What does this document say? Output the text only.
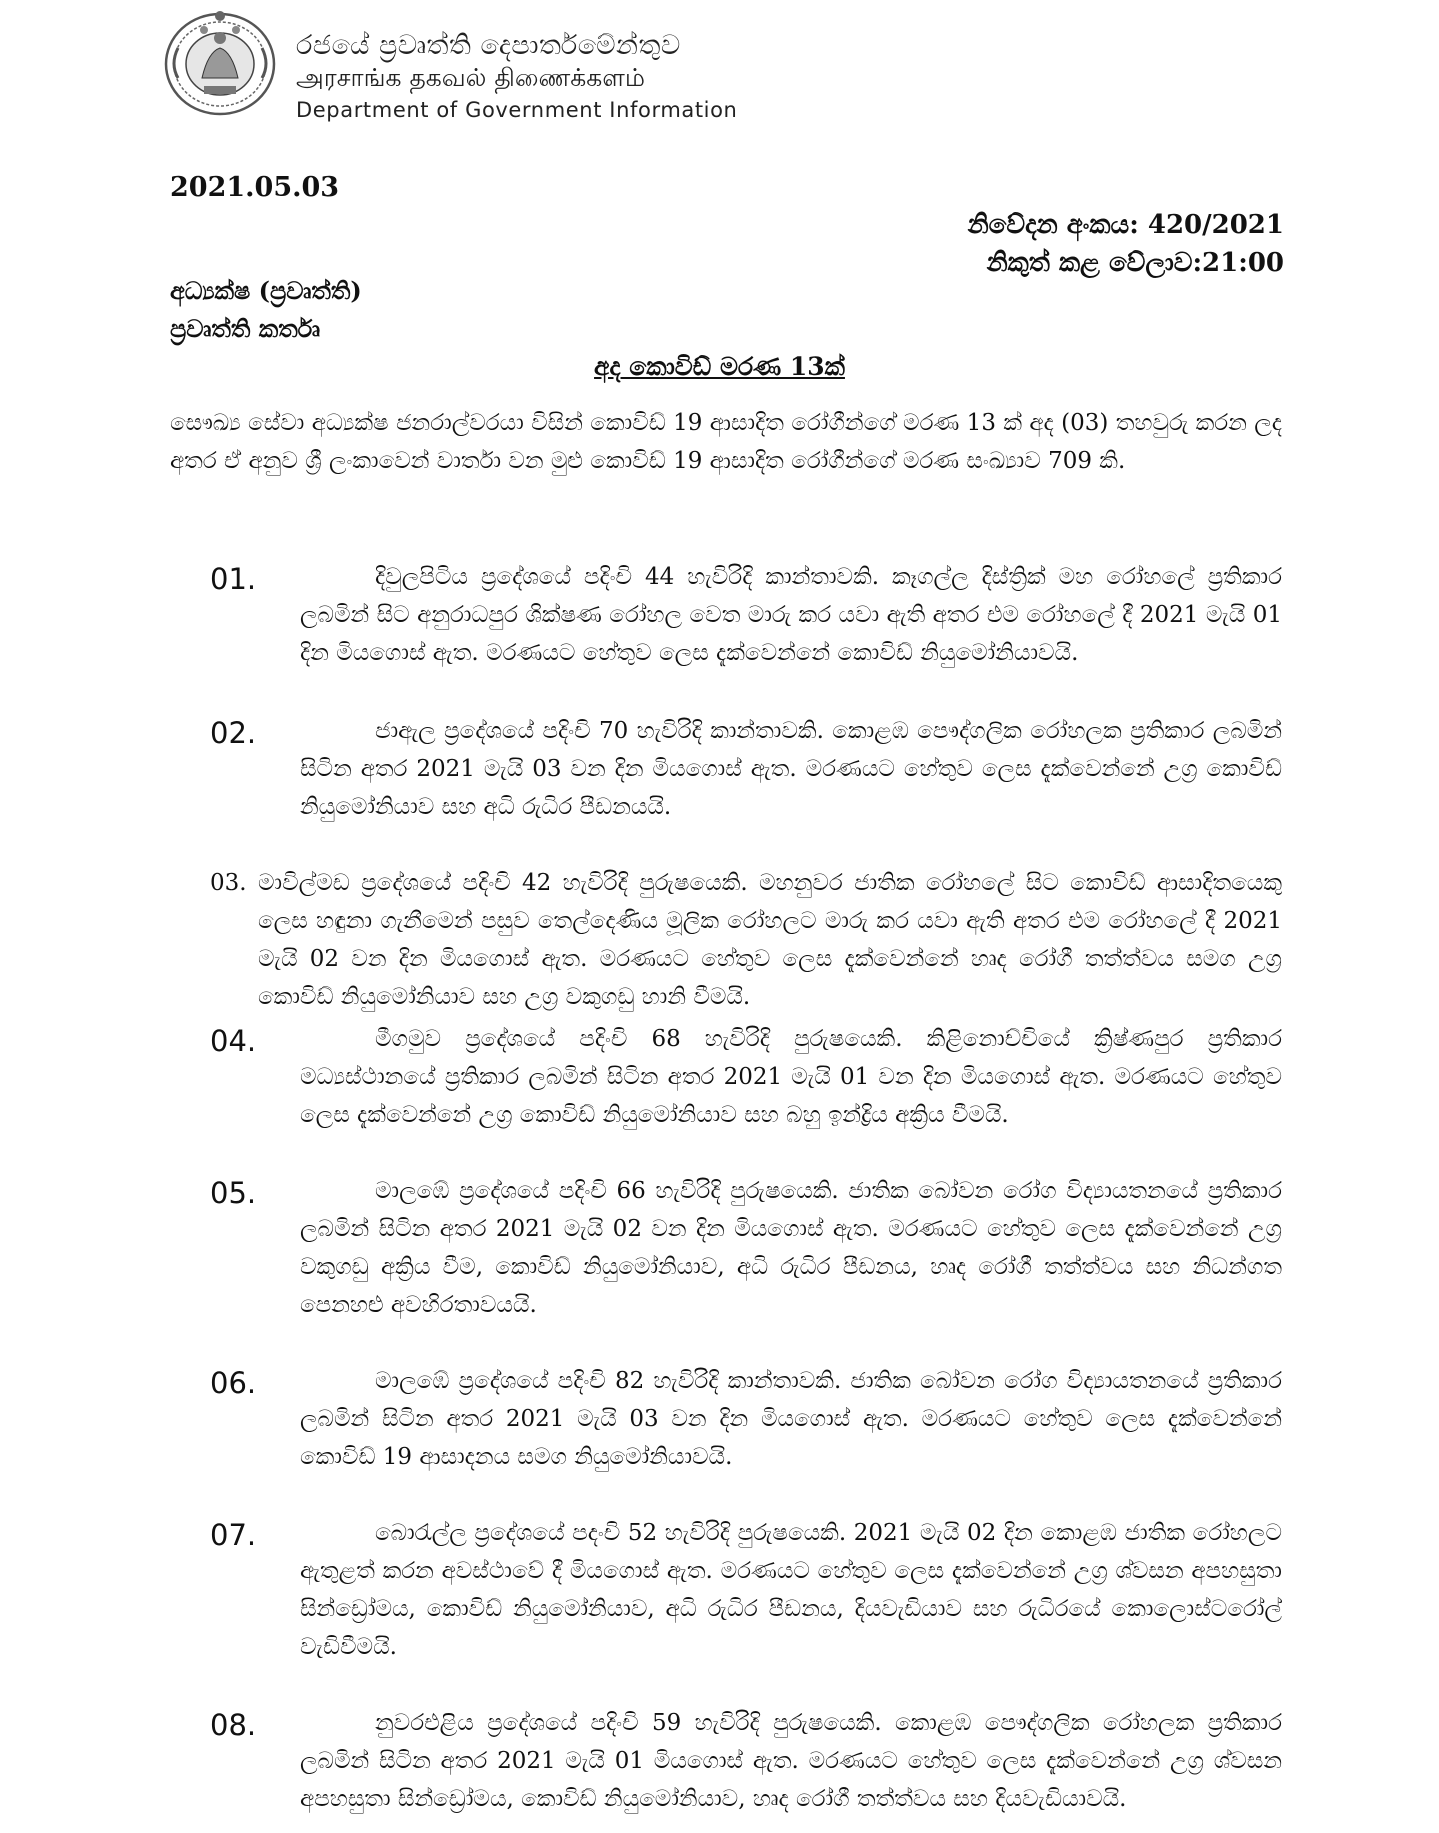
රජයේ ප්‍රවෘත්ති දෙපාර්තමේන්තුව
அரசாங்க தகவல் திணைக்களம்
Department of Government Information
2021.05.03
නිවේදන අංකය: 420/2021
නිකුත් කළ වේලාව:21:00
අධ්‍යක්ෂ (ප්‍රවෘත්ති)
ප්‍රවෘත්ති කර්තෘ
අද කොවිඩ් මරණ 13ක්
සෞඛ්‍ය සේවා අධ්‍යක්ෂ ජනරාල්වරයා විසින් කොවිඩ් 19 ආසාදිත රෝගීන්ගේ මරණ 13 ක් අද (03) තහවුරු කරන ලද අතර ඒ අනුව ශ්‍රී ලංකාවෙන් වාර්තා වන මුළු කොවිඩ් 19 ආසාදිත රෝගීන්ගේ මරණ සංඛ්‍යාව 709 කි.
01.	දිවුලපිටිය ප්‍රදේශයේ පදිංචි 44 හැවිරිදි කාන්තාවකි. කෑගල්ල දිස්ත්‍රික් මහ රෝහලේ ප්‍රතිකාර ලබමින් සිට අනුරාධපුර ශික්ෂණ රෝහල වෙත මාරු කර යවා ඇති අතර එම රෝහලේ දී 2021 මැයි 01 දින මියගොස් ඇත. මරණයට හේතුව ලෙස දැක්වෙන්නේ කොවිඩ් නියුමෝනියාවයි.
02.	ජාඇල ප්‍රදේශයේ පදිංචි 70 හැවිරිදි කාන්තාවකි. කොළඹ පෞද්ගලික රෝහලක ප්‍රතිකාර ලබමින් සිටින අතර 2021 මැයි 03 වන දින මියගොස් ඇත. මරණයට හේතුව ලෙස දැක්වෙන්නේ උග්‍ර කොවිඩ් නියුමෝනියාව සහ අධි රුධිර පීඩනයයි.
03. මාවිල්මඩ ප්‍රදේශයේ පදිංචි 42 හැවිරිදි පුරුෂයෙකි. මහනුවර ජාතික රෝහලේ සිට කොවිඩ් ආසාදිතයෙකු ලෙස හඳුනා ගැනීමෙන් පසුව තෙල්දෙණිය මූලික රෝහලට මාරු කර යවා ඇති අතර එම රෝහලේ දී 2021 මැයි 02 වන දින මියගොස් ඇත. මරණයට හේතුව ලෙස දැක්වෙන්නේ හෘද රෝගී තත්ත්වය සමග උග්‍ර කොවිඩ් නියුමෝනියාව සහ උග්‍ර වකුගඩු හානි වීමයි.
04.	මීගමුව ප්‍රදේශයේ පදිංචි 68 හැවිරිදි පුරුෂයෙකි. කිළිනොච්චියේ ක්‍රිෂ්ණපුර ප්‍රතිකාර මධ්‍යස්ථානයේ ප්‍රතිකාර ලබමින් සිටින අතර 2021 මැයි 01 වන දින මියගොස් ඇත. මරණයට හේතුව ලෙස දැක්වෙන්නේ උග්‍ර කොවිඩ් නියුමෝනියාව සහ බහු ඉන්ද්‍රිය අක්‍රිය වීමයි.
05.	මාලඹේ ප්‍රදේශයේ පදිංචි 66 හැවිරිදි පුරුෂයෙකි. ජාතික බෝවන රෝග විද්‍යායතනයේ ප්‍රතිකාර ලබමින් සිටින අතර 2021 මැයි 02 වන දින මියගොස් ඇත. මරණයට හේතුව ලෙස දැක්වෙන්නේ උග්‍ර වකුගඩු අක්‍රිය වීම, කොවිඩ් නියුමෝනියාව, අධි රුධිර පීඩනය, හෘද රෝගී තත්ත්වය සහ නිධන්ගත පෙනහළු අවහිරතාවයයි.
06.	මාලඹේ ප්‍රදේශයේ පදිංචි 82 හැවිරිදි කාන්තාවකි. ජාතික බෝවන රෝග විද්‍යායතනයේ ප්‍රතිකාර ලබමින් සිටින අතර 2021 මැයි 03 වන දින මියගොස් ඇත. මරණයට හේතුව ලෙස දැක්වෙන්නේ කොවිඩ් 19 ආසාදනය සමග නියුමෝනියාවයි.
07.	බොරැල්ල ප්‍රදේශයේ පදංචි 52 හැවිරිදි පුරුෂයෙකි. 2021 මැයි 02 දින කොළඹ ජාතික රෝහලට ඇතුළත් කරන අවස්ථාවේ දී මියගොස් ඇත. මරණයට හේතුව ලෙස දැක්වෙන්නේ උග්‍ර ශ්වසන අපහසුතා සින්ඩ්‍රෝමය, කොවිඩ් නියුමෝනියාව, අධි රුධිර පීඩනය, දියවැඩියාව සහ රුධිරයේ කොලොස්ටරෝල් වැඩිවීමයි.
08.	නුවරඑළිය ප්‍රදේශයේ පදිංචි 59 හැවිරිදි පුරුෂයෙකි. කොළඹ පෞද්ගලික රෝහලක ප්‍රතිකාර ලබමින් සිටින අතර 2021 මැයි 01 මියගොස් ඇත. මරණයට හේතුව ලෙස දැක්වෙන්නේ උග්‍ර ශ්වසන අපහසුතා සින්ඩ්‍රෝමය, කොවිඩ් නියුමෝනියාව, හෘද රෝගී තත්ත්වය සහ දියවැඩියාවයි.
